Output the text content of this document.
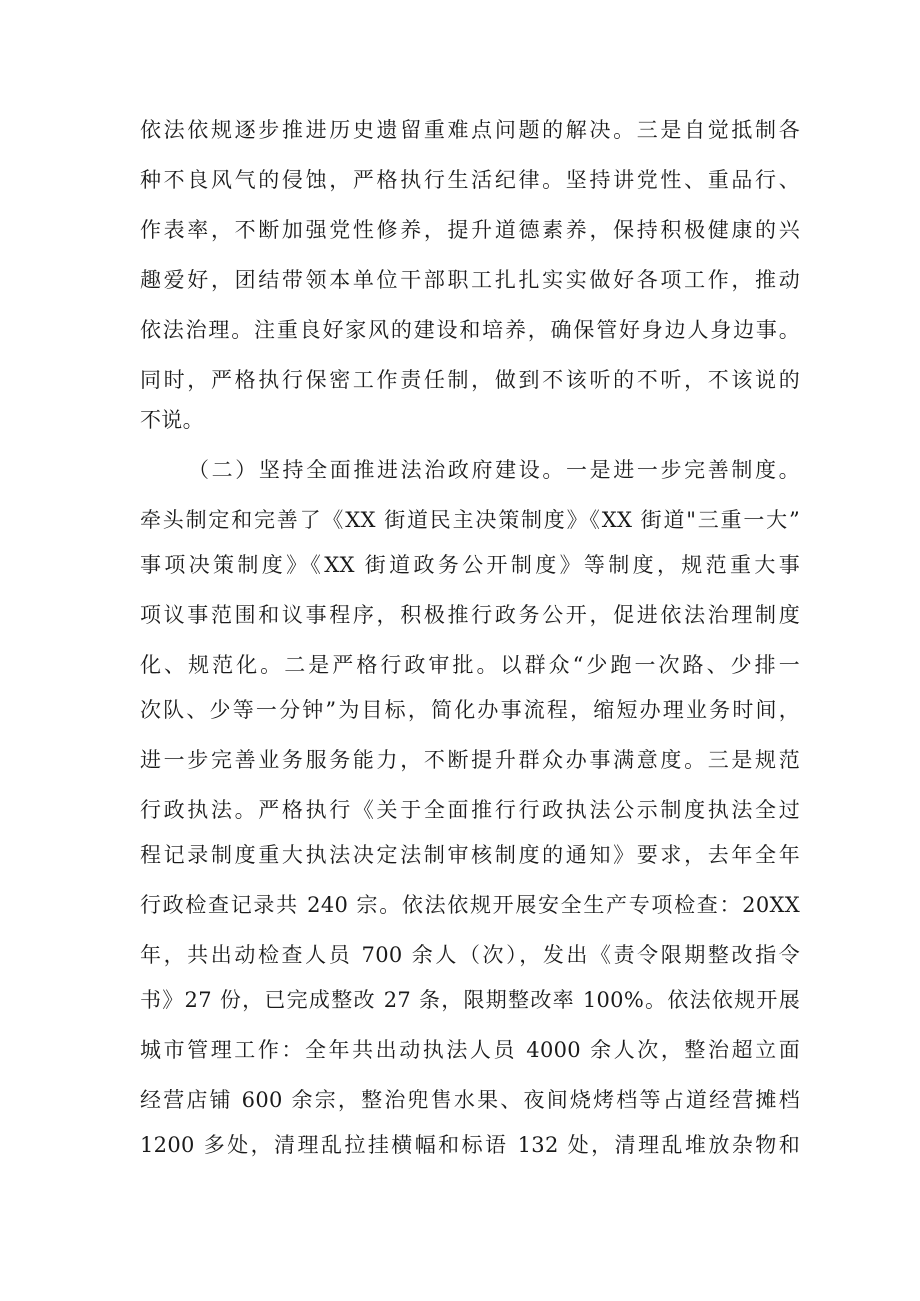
依法依规逐步推进历史遗留重难点问题的解决。三是自觉抵制各
种不良风气的侵蚀，严格执行生活纪律。坚持讲党性、重品行、
作表率，不断加强党性修养，提升道德素养，保持积极健康的兴
趣爱好，团结带领本单位干部职工扎扎实实做好各项工作，推动
依法治理。注重良好家风的建设和培养，确保管好身边人身边事。
同时，严格执行保密工作责任制，做到不该听的不听，不该说的
不说。
（二）坚持全面推进法治政府建设。一是进一步完善制度。
牵头制定和完善了《XX 街道民主决策制度》《XX 街道"三重一大”
事项决策制度》《XX 街道政务公开制度》等制度，规范重大事
项议事范围和议事程序，积极推行政务公开，促进依法治理制度
化、规范化。二是严格行政审批。以群众“少跑一次路、少排一
次队、少等一分钟”为目标，简化办事流程，缩短办理业务时间，
进一步完善业务服务能力，不断提升群众办事满意度。三是规范
行政执法。严格执行《关于全面推行行政执法公示制度执法全过
程记录制度重大执法决定法制审核制度的通知》要求，去年全年
行政检查记录共 240 宗。依法依规开展安全生产专项检查：20XX
年，共出动检查人员 700 余人（次），发出《责令限期整改指令
书》27 份，已完成整改 27 条，限期整改率 100%。依法依规开展
城市管理工作：全年共出动执法人员 4000 余人次，整治超立面
经营店铺 600 余宗，整治兜售水果、夜间烧烤档等占道经营摊档
1200 多处，清理乱拉挂横幅和标语 132 处，清理乱堆放杂物和
